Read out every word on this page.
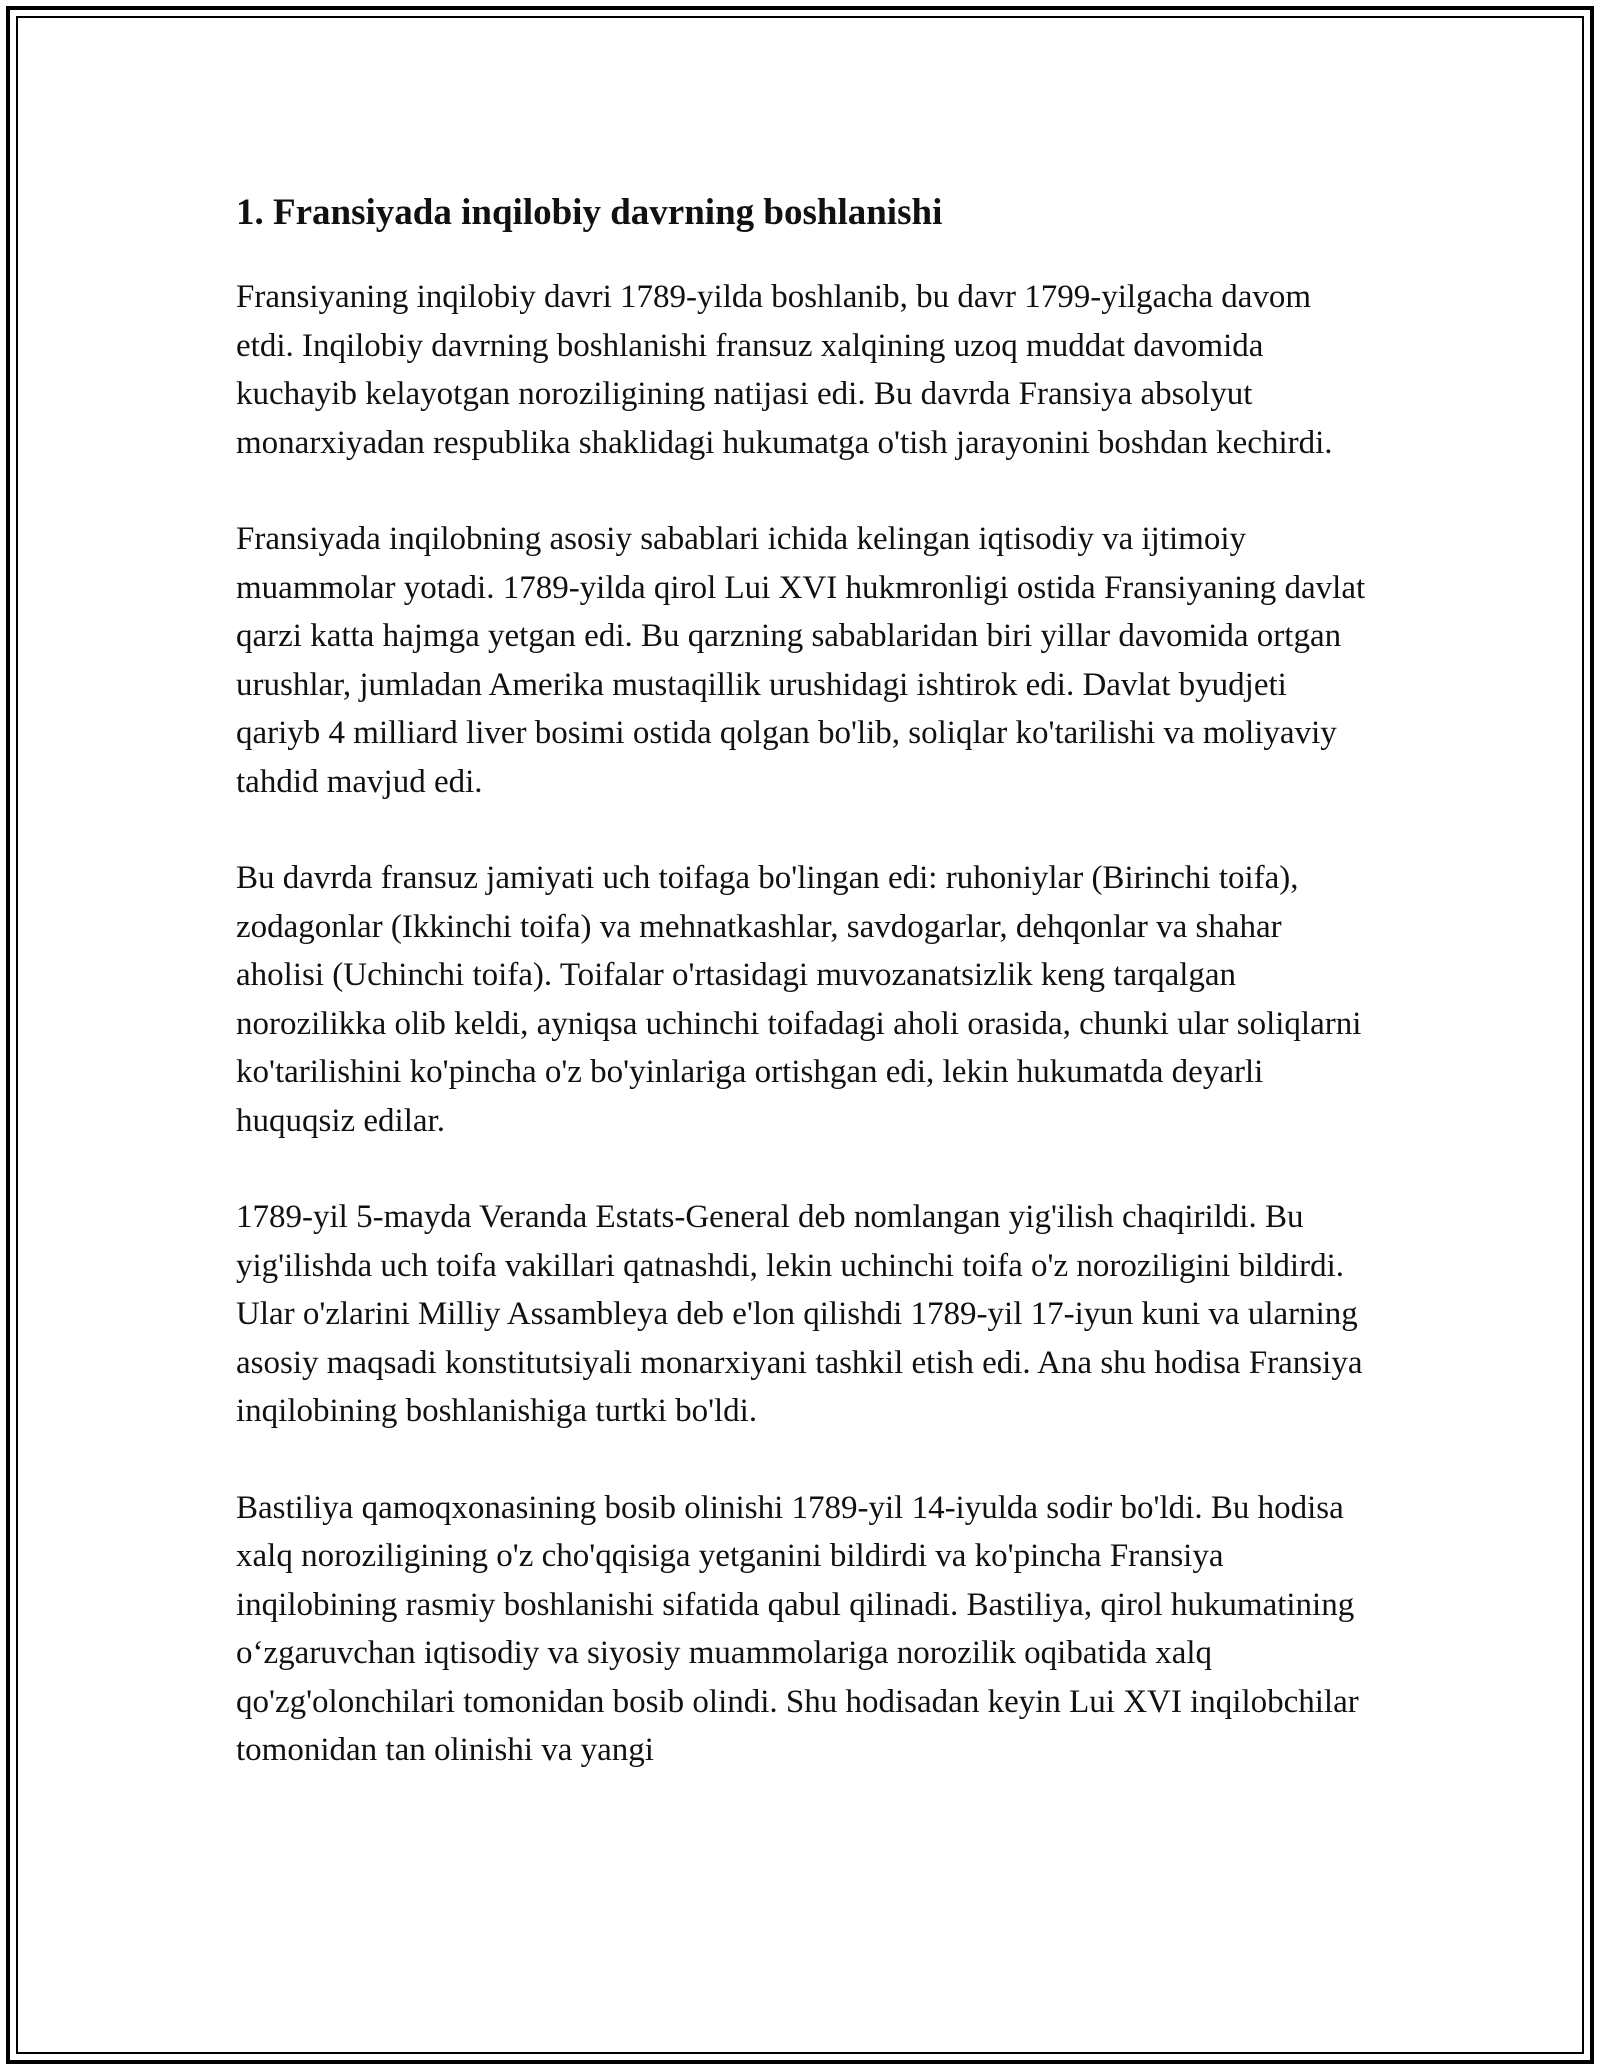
1. Fransiyada inqilobiy davrning boshlanishi

Fransiyaning inqilobiy davri 1789-yilda boshlanib, bu davr 1799-yilgacha davom etdi. Inqilobiy davrning boshlanishi fransuz xalqining uzoq muddat davomida kuchayib kelayotgan noroziligining natijasi edi. Bu davrda Fransiya absolyut monarxiyadan respublika shaklidagi hukumatga o'tish jarayonini boshdan kechirdi.

Fransiyada inqilobning asosiy sabablari ichida kelingan iqtisodiy va ijtimoiy muammolar yotadi. 1789-yilda qirol Lui XVI hukmronligi ostida Fransiyaning davlat qarzi katta hajmga yetgan edi. Bu qarzning sabablaridan biri yillar davomida ortgan urushlar, jumladan Amerika mustaqillik urushidagi ishtirok edi. Davlat byudjeti qariyb 4 milliard liver bosimi ostida qolgan bo'lib, soliqlar ko'tarilishi va moliyaviy tahdid mavjud edi.

Bu davrda fransuz jamiyati uch toifaga bo'lingan edi: ruhoniylar (Birinchi toifa), zodagonlar (Ikkinchi toifa) va mehnatkashlar, savdogarlar, dehqonlar va shahar aholisi (Uchinchi toifa). Toifalar o'rtasidagi muvozanatsizlik keng tarqalgan norozilikka olib keldi, ayniqsa uchinchi toifadagi aholi orasida, chunki ular soliqlarni ko'tarilishini ko'pincha o'z bo'yinlariga ortishgan edi, lekin hukumatda deyarli huquqsiz edilar.

1789-yil 5-mayda Veranda Estats-General deb nomlangan yig'ilish chaqirildi. Bu yig'ilishda uch toifa vakillari qatnashdi, lekin uchinchi toifa o'z noroziligini bildirdi. Ular o'zlarini Milliy Assambleya deb e'lon qilishdi 1789-yil 17-iyun kuni va ularning asosiy maqsadi konstitutsiyali monarxiyani tashkil etish edi. Ana shu hodisa Fransiya inqilobining boshlanishiga turtki bo'ldi.

Bastiliya qamoqxonasining bosib olinishi 1789-yil 14-iyulda sodir bo'ldi. Bu hodisa xalq noroziligining o'z cho'qqisiga yetganini bildirdi va ko'pincha Fransiya inqilobining rasmiy boshlanishi sifatida qabul qilinadi. Bastiliya, qirol hukumatining o‘zgaruvchan iqtisodiy va siyosiy muammolariga norozilik oqibatida xalq qo'zg'olonchilari tomonidan bosib olindi. Shu hodisadan keyin Lui XVI inqilobchilar tomonidan tan olinishi va yangi
